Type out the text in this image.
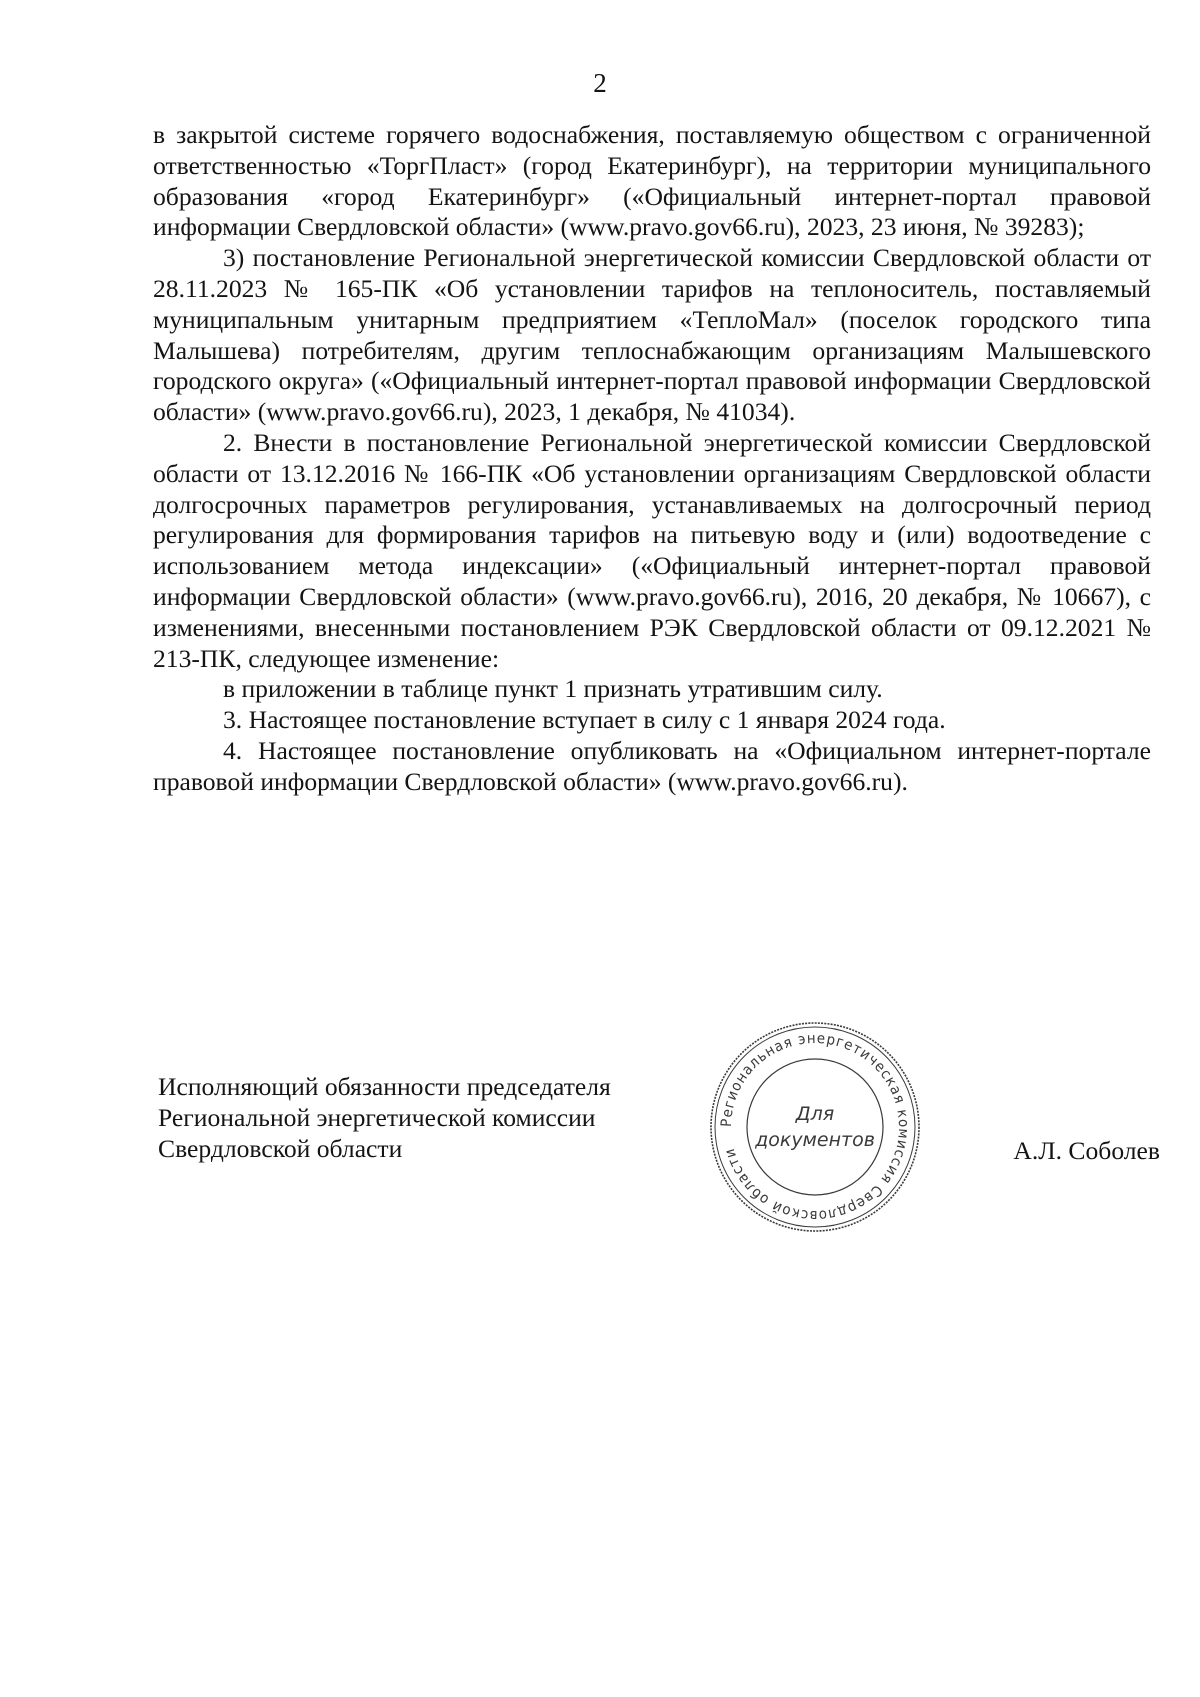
2

в закрытой системе горячего водоснабжения, поставляемую обществом с ограниченной ответственностью «ТоргПласт» (город Екатеринбург), на территории муниципального образования «город Екатеринбург» («Официальный интернет-портал правовой информации Свердловской области» (www.pravo.gov66.ru), 2023, 23 июня, № 39283);

3) постановление Региональной энергетической комиссии Свердловской области от 28.11.2023 № 165-ПК «Об установлении тарифов на теплоноситель, поставляемый муниципальным унитарным предприятием «ТеплоМал» (поселок городского типа Малышева) потребителям, другим теплоснабжающим организациям Малышевского городского округа» («Официальный интернет-портал правовой информации Свердловской области» (www.pravo.gov66.ru), 2023, 1 декабря, № 41034).

2. Внести в постановление Региональной энергетической комиссии Свердловской области от 13.12.2016 № 166-ПК «Об установлении организациям Свердловской области долгосрочных параметров регулирования, устанавливаемых на долгосрочный период регулирования для формирования тарифов на питьевую воду и (или) водоотведение с использованием метода индексации» («Официальный интернет-портал правовой информации Свердловской области» (www.pravo.gov66.ru), 2016, 20 декабря, № 10667), с изменениями, внесенными постановлением РЭК Свердловской области от 09.12.2021 № 213-ПК, следующее изменение:

в приложении в таблице пункт 1 признать утратившим силу.

3. Настоящее постановление вступает в силу с 1 января 2024 года.

4. Настоящее постановление опубликовать на «Официальном интернет-портале правовой информации Свердловской области» (www.pravo.gov66.ru).

Исполняющий обязанности председателя
Региональной энергетической комиссии
Свердловской области
Региональная энергетическая комиссия Свердловской области
Для
документов	А.Л. Соболев
